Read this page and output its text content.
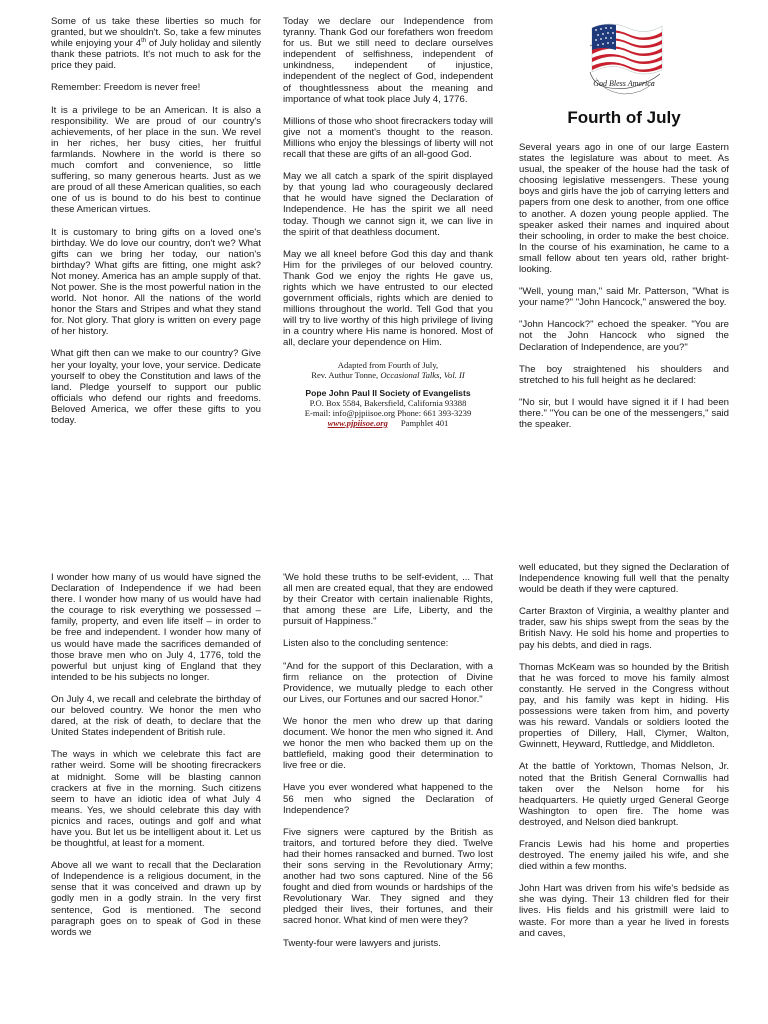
Some of us take these liberties so much for granted, but we shouldn't. So, take a few minutes while enjoying your 4th of July holiday and silently thank these patriots. It's not much to ask for the price they paid.

Remember: Freedom is never free!

It is a privilege to be an American. It is also a responsibility. We are proud of our country's achievements, of her place in the sun. We revel in her riches, her busy cities, her fruitful farmlands. Nowhere in the world is there so much comfort and convenience, so little suffering, so many generous hearts. Just as we are proud of all these American qualities, so each one of us is bound to do his best to continue these American virtues.

It is customary to bring gifts on a loved one's birthday. We do love our country, don't we? What gifts can we bring her today, our nation's birthday? What gifts are fitting, one might ask? Not money. America has an ample supply of that. Not power. She is the most powerful nation in the world. Not honor. All the nations of the world honor the Stars and Stripes and what they stand for. Not glory. That glory is written on every page of her history.

What gift then can we make to our country? Give her your loyalty, your love, your service. Dedicate yourself to obey the Constitution and laws of the land. Pledge yourself to support our public officials who defend our rights and freedoms. Beloved America, we offer these gifts to you today.

Today we declare our Independence from tyranny. Thank God our forefathers won freedom for us. But we still need to declare ourselves independent of selfishness, independent of unkindness, independent of injustice, independent of the neglect of God, independent of thoughtlessness about the meaning and importance of what took place July 4, 1776.

Millions of those who shoot firecrackers today will give not a moment's thought to the reason. Millions who enjoy the blessings of liberty will not recall that these are gifts of an all-good God.

May we all catch a spark of the spirit displayed by that young lad who courageously declared that he would have signed the Declaration of Independence. He has the spirit we all need today. Though we cannot sign it, we can live in the spirit of that deathless document.

May we all kneel before God this day and thank Him for the privileges of our beloved country. Thank God we enjoy the rights He gave us, rights which we have entrusted to our elected government officials, rights which are denied to millions throughout the world. Tell God that you will try to live worthy of this high privilege of living in a country where His name is honored. Most of all, declare your dependence on Him.

Adapted from Fourth of July,
Rev. Authur Tonne, Occasional Talks, Vol. II
Pope John Paul II Society of Evangelists
P.O. Box 5584, Bakersfield, California 93388
E-mail: info@pjpiisoe.org Phone: 661 393-3239
www.pjpiisoe.org Pamphlet 401
God Bless America
Fourth of July

Several years ago in one of our large Eastern states the legislature was about to meet. As usual, the speaker of the house had the task of choosing legislative messengers. These young boys and girls have the job of carrying letters and papers from one desk to another, from one office to another. A dozen young people applied. The speaker asked their names and inquired about their schooling, in order to make the best choice. In the course of his examination, he came to a small fellow about ten years old, rather bright-looking.

"Well, young man," said Mr. Patterson, "What is your name?" "John Hancock," answered the boy.

"John Hancock?" echoed the speaker. "You are not the John Hancock who signed the Declaration of Independence, are you?"

The boy straightened his shoulders and stretched to his full height as he declared:

"No sir, but I would have signed it if I had been there." "You can be one of the messengers," said the speaker.

I wonder how many of us would have signed the Declaration of Independence if we had been there. I wonder how many of us would have had the courage to risk everything we possessed – family, property, and even life itself – in order to be free and independent. I wonder how many of us would have made the sacrifices demanded of those brave men who on July 4, 1776, told the powerful but unjust king of England that they intended to be his subjects no longer.

On July 4, we recall and celebrate the birthday of our beloved country. We honor the men who dared, at the risk of death, to declare that the United States independent of British rule.

The ways in which we celebrate this fact are rather weird. Some will be shooting firecrackers at midnight. Some will be blasting cannon crackers at five in the morning. Such citizens seem to have an idiotic idea of what July 4 means. Yes, we should celebrate this day with picnics and races, outings and golf and what have you. But let us be intelligent about it. Let us be thoughtful, at least for a moment.

Above all we want to recall that the Declaration of Independence is a religious document, in the sense that it was conceived and drawn up by godly men in a godly strain. In the very first sentence, God is mentioned. The second paragraph goes on to speak of God in these words we

'We hold these truths to be self-evident, ... That all men are created equal, that they are endowed by their Creator with certain inalienable Rights, that among these are Life, Liberty, and the pursuit of Happiness."

Listen also to the concluding sentence:

"And for the support of this Declaration, with a firm reliance on the protection of Divine Providence, we mutually pledge to each other our Lives, our Fortunes and our sacred Honor."

We honor the men who drew up that daring document. We honor the men who signed it. And we honor the men who backed them up on the battlefield, making good their determination to live free or die.

Have you ever wondered what happened to the 56 men who signed the Declaration of Independence?

Five signers were captured by the British as traitors, and tortured before they died. Twelve had their homes ransacked and burned. Two lost their sons serving in the Revolutionary Army; another had two sons captured. Nine of the 56 fought and died from wounds or hardships of the Revolutionary War. They signed and they pledged their lives, their fortunes, and their sacred honor. What kind of men were they?

Twenty-four were lawyers and jurists.

well educated, but they signed the Declaration of Independence knowing full well that the penalty would be death if they were captured.

Carter Braxton of Virginia, a wealthy planter and trader, saw his ships swept from the seas by the British Navy. He sold his home and properties to pay his debts, and died in rags.

Thomas McKeam was so hounded by the British that he was forced to move his family almost constantly. He served in the Congress without pay, and his family was kept in hiding. His possessions were taken from him, and poverty was his reward. Vandals or soldiers looted the properties of Dillery, Hall, Clymer, Walton, Gwinnett, Heyward, Ruttledge, and Middleton.

At the battle of Yorktown, Thomas Nelson, Jr. noted that the British General Cornwallis had taken over the Nelson home for his headquarters. He quietly urged General George Washington to open fire. The home was destroyed, and Nelson died bankrupt.

Francis Lewis had his home and properties destroyed. The enemy jailed his wife, and she died within a few months.

John Hart was driven from his wife's bedside as she was dying. Their 13 children fled for their lives. His fields and his gristmill were laid to waste. For more than a year he lived in forests and caves,
